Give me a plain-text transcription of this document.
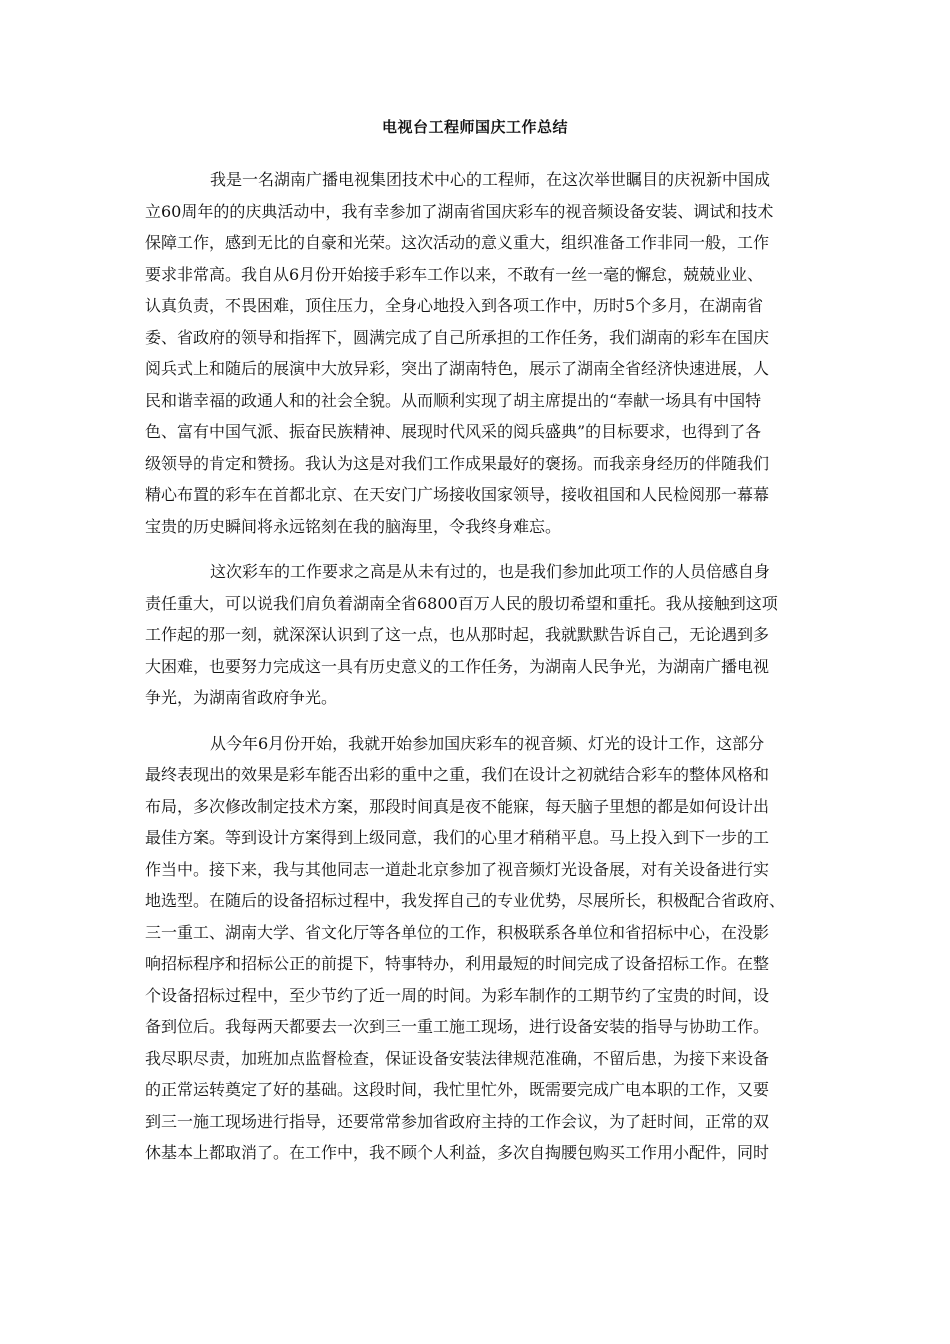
电视台工程师国庆工作总结

我是一名湖南广播电视集团技术中心的工程师，在这次举世瞩目的庆祝新中国成
立60周年的的庆典活动中，我有幸参加了湖南省国庆彩车的视音频设备安装、调试和技术
保障工作，感到无比的自豪和光荣。这次活动的意义重大，组织准备工作非同一般，工作
要求非常高。我自从6月份开始接手彩车工作以来，不敢有一丝一毫的懈怠，兢兢业业、
认真负责，不畏困难，顶住压力，全身心地投入到各项工作中，历时5个多月，在湖南省
委、省政府的领导和指挥下，圆满完成了自己所承担的工作任务，我们湖南的彩车在国庆
阅兵式上和随后的展演中大放异彩，突出了湖南特色，展示了湖南全省经济快速进展，人
民和谐幸福的政通人和的社会全貌。从而顺利实现了胡主席提出的“奉献一场具有中国特
色、富有中国气派、振奋民族精神、展现时代风采的阅兵盛典”的目标要求，也得到了各
级领导的肯定和赞扬。我认为这是对我们工作成果最好的褒扬。而我亲身经历的伴随我们
精心布置的彩车在首都北京、在天安门广场接收国家领导，接收祖国和人民检阅那一幕幕
宝贵的历史瞬间将永远铭刻在我的脑海里，令我终身难忘。

这次彩车的工作要求之高是从未有过的，也是我们参加此项工作的人员倍感自身
责任重大，可以说我们肩负着湖南全省6800百万人民的殷切希望和重托。我从接触到这项
工作起的那一刻，就深深认识到了这一点，也从那时起，我就默默告诉自己，无论遇到多
大困难，也要努力完成这一具有历史意义的工作任务，为湖南人民争光，为湖南广播电视
争光，为湖南省政府争光。

从今年6月份开始，我就开始参加国庆彩车的视音频、灯光的设计工作，这部分
最终表现出的效果是彩车能否出彩的重中之重，我们在设计之初就结合彩车的整体风格和
布局，多次修改制定技术方案，那段时间真是夜不能寐，每天脑子里想的都是如何设计出
最佳方案。等到设计方案得到上级同意，我们的心里才稍稍平息。马上投入到下一步的工
作当中。接下来，我与其他同志一道赴北京参加了视音频灯光设备展，对有关设备进行实
地选型。在随后的设备招标过程中，我发挥自己的专业优势，尽展所长，积极配合省政府、
三一重工、湖南大学、省文化厅等各单位的工作，积极联系各单位和省招标中心，在没影
响招标程序和招标公正的前提下，特事特办，利用最短的时间完成了设备招标工作。在整
个设备招标过程中，至少节约了近一周的时间。为彩车制作的工期节约了宝贵的时间，设
备到位后。我每两天都要去一次到三一重工施工现场，进行设备安装的指导与协助工作。
我尽职尽责，加班加点监督检查，保证设备安装法律规范准确，不留后患，为接下来设备
的正常运转奠定了好的基础。这段时间，我忙里忙外，既需要完成广电本职的工作，又要
到三一施工现场进行指导，还要常常参加省政府主持的工作会议，为了赶时间，正常的双
休基本上都取消了。在工作中，我不顾个人利益，多次自掏腰包购买工作用小配件，同时
